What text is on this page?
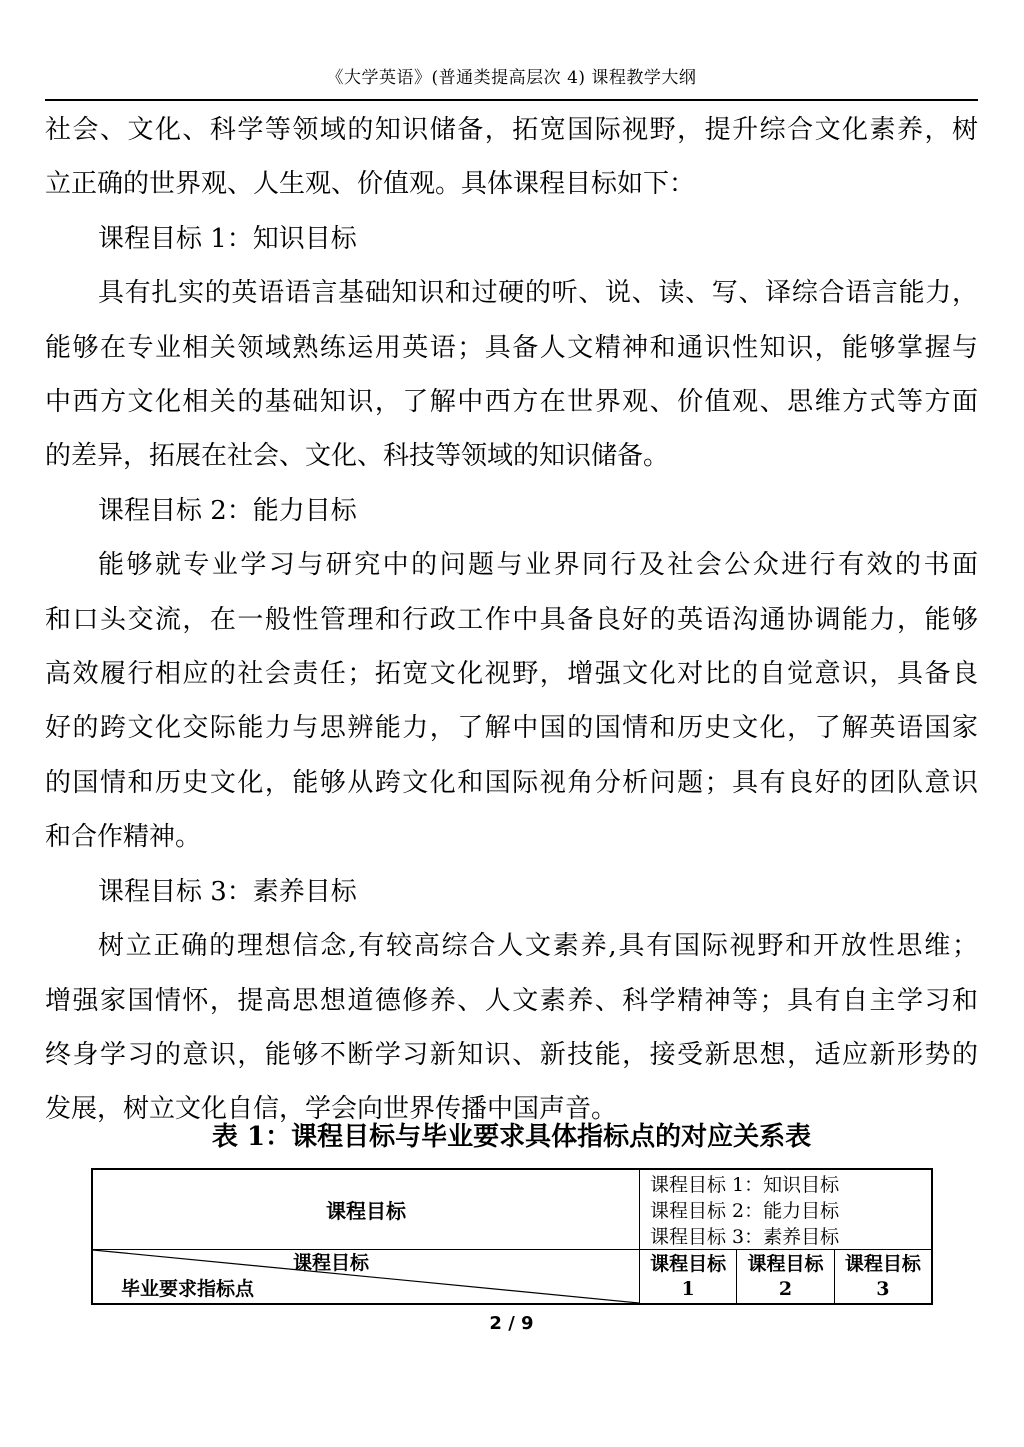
《大学英语》(普通类提高层次 4) 课程教学大纲
社会、文化、科学等领域的知识储备，拓宽国际视野，提升综合文化素养，树
立正确的世界观、人生观、价值观。具体课程目标如下：
课程目标 1：知识目标
具有扎实的英语语言基础知识和过硬的听、说、读、写、译综合语言能力，
能够在专业相关领域熟练运用英语；具备人文精神和通识性知识，能够掌握与
中西方文化相关的基础知识，了解中西方在世界观、价值观、思维方式等方面
的差异，拓展在社会、文化、科技等领域的知识储备。
课程目标 2：能力目标
能够就专业学习与研究中的问题与业界同行及社会公众进行有效的书面
和口头交流，在一般性管理和行政工作中具备良好的英语沟通协调能力，能够
高效履行相应的社会责任；拓宽文化视野，增强文化对比的自觉意识，具备良
好的跨文化交际能力与思辨能力，了解中国的国情和历史文化，了解英语国家
的国情和历史文化，能够从跨文化和国际视角分析问题；具有良好的团队意识
和合作精神。
课程目标 3：素养目标
树立正确的理想信念,有较高综合人文素养,具有国际视野和开放性思维；
增强家国情怀，提高思想道德修养、人文素养、科学精神等；具有自主学习和
终身学习的意识，能够不断学习新知识、新技能，接受新思想，适应新形势的
发展，树立文化自信，学会向世界传播中国声音。
表 1：课程目标与毕业要求具体指标点的对应关系表
课程目标
课程目标 1：知识目标
课程目标 2：能力目标
课程目标 3：素养目标
课程目标
毕业要求指标点
课程目标
1
课程目标
2
课程目标
3
2 / 9
